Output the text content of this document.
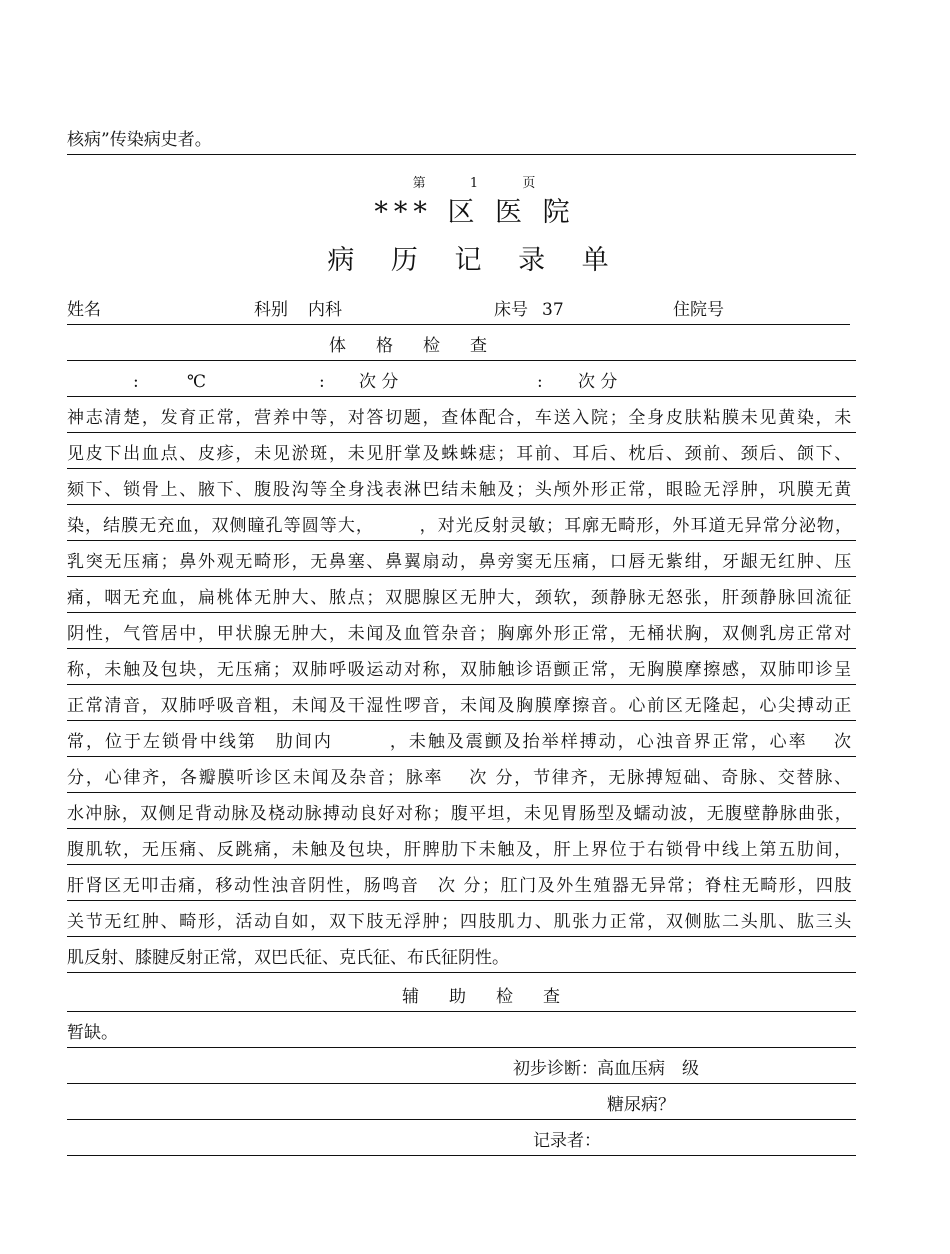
核病”传染病史者。
第	1	页
*** 区 医 院
病 历 记 录 单
姓名	科别 内科	床号 37	住院号
体格检查
:	℃	: 次 分	: 次 分
神志清楚，发育正常，营养中等，对答切题，查体配合，车送入院；全身皮肤粘膜未见黄染，未
见皮下出血点、皮疹，未见淤斑，未见肝掌及蛛蛛痣；耳前、耳后、枕后、颈前、颈后、颌下、
颏下、锁骨上、腋下、腹股沟等全身浅表淋巴结未触及；头颅外形正常，眼睑无浮肿，巩膜无黄
染，结膜无充血，双侧瞳孔等圆等大，　　　，对光反射灵敏；耳廓无畸形，外耳道无异常分泌物，
乳突无压痛；鼻外观无畸形，无鼻塞、鼻翼扇动，鼻旁窦无压痛，口唇无紫绀，牙龈无红肿、压
痛，咽无充血，扁桃体无肿大、脓点；双腮腺区无肿大，颈软，颈静脉无怒张，肝颈静脉回流征
阴性，气管居中，甲状腺无肿大，未闻及血管杂音；胸廓外形正常，无桶状胸，双侧乳房正常对
称，未触及包块，无压痛；双肺呼吸运动对称，双肺触诊语颤正常，无胸膜摩擦感，双肺叩诊呈
正常清音，双肺呼吸音粗，未闻及干湿性啰音，未闻及胸膜摩擦音。心前区无隆起，心尖搏动正
常，位于左锁骨中线第　肋间内　　　，未触及震颤及抬举样搏动，心浊音界正常，心率　 次
分，心律齐，各瓣膜听诊区未闻及杂音；脉率　 次 分，节律齐，无脉搏短础、奇脉、交替脉、
水冲脉，双侧足背动脉及桡动脉搏动良好对称；腹平坦，未见胃肠型及蠕动波，无腹壁静脉曲张，
腹肌软，无压痛、反跳痛，未触及包块，肝脾肋下未触及，肝上界位于右锁骨中线上第五肋间，
肝肾区无叩击痛，移动性浊音阴性，肠鸣音　次 分；肛门及外生殖器无异常；脊柱无畸形，四肢
关节无红肿、畸形，活动自如，双下肢无浮肿；四肢肌力、肌张力正常，双侧肱二头肌、肱三头
肌反射、膝腱反射正常，双巴氏征、克氏征、布氏征阴性。
辅助检查
暂缺。
初步诊断： 高血压病　级
糖尿病？
记录者：
